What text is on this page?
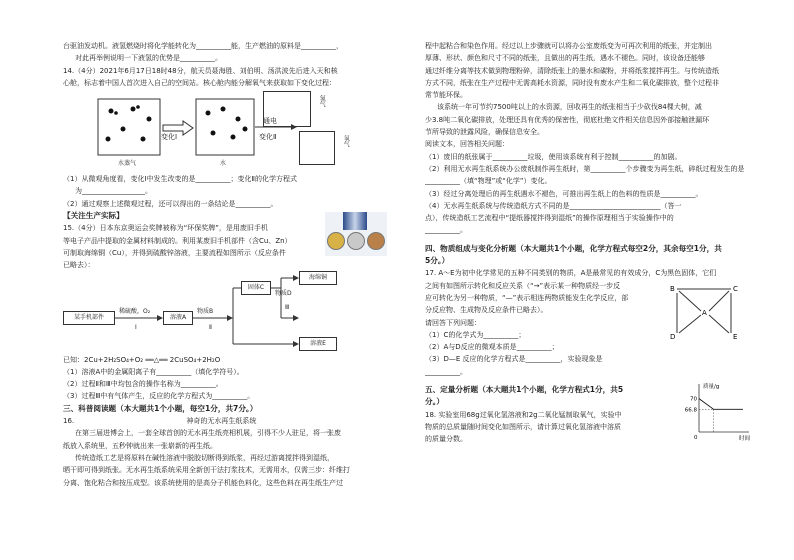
台驱油发动机。液氢燃烧时将化学能转化为__________能，生产燃油的原料是__________，
对此再举例说明一下液氢的优势是__________。
14.（4分）2021年6月17日18时48分，航天员聂海胜、刘伯明、汤洪波先后进入天和核
心舱，标志着中国人首次进入自己的空间站。核心舱内能分解氧气来获取如下变化过程：
水蒸气
变化Ⅰ
水
通电
变化Ⅱ
氢气
氧气
（1）从微观角度看，变化Ⅰ中发生改变的是__________；变化Ⅱ的化学方程式
为__________________。
（2）通过观察上述微观过程，还可以得出的一条结论是__________。
【关注生产实际】
15.（4分）日本东京奥运会奖牌被称为“环保奖牌”，是用废旧手机
等电子产品中提取的金属材料制成的。利用某废旧手机部件（含Cu、Zn）
可制取海绵铜（Cu），并得到硫酸锌溶液，主要流程如图所示（反应条件
已略去）：
某手机部件
稀硫酸，O₂
Ⅰ
溶液A
物质B
Ⅱ
固体C
物质D
Ⅲ
海绵铜
溶液E
已知：2Cu+2H₂SO₄+O₂ ══△══ 2CuSO₄+2H₂O
（1）溶液A中的金属阳离子有__________（填化学符号）。
（2）过程Ⅱ和Ⅲ中均包含的操作名称为__________。
（3）过程Ⅲ中有气体产生，反应的化学方程式为__________。
三、科普阅读题（本大题共1个小题，每空1分，共7分。）
16.	神奇的无水再生纸系统
在第三届进博会上，一套全球首创的无水再生纸亮相机展，引得不少人驻足，将一张废
纸放入系统里，五秒钟就出来一张崭新的再生纸。
传统造纸工艺是将原料在碱性溶液中脱胶切断得到纸浆，再经过游离搅拌得到湿纸，
晒干即可得到纸张。无水再生纸系统采用全新创干法打浆技术，无需用水，仅需三步：纤维打
分离、饱化粘合和按压成型。该系统使用的是高分子机能色料化，这些色料在再生纸生产过
程中起粘合和染色作用。经过以上步骤就可以将办公室废纸变为可再次利用的纸张，并定制出
厚薄、形状、颜色和尺寸不同的纸张，且做出的再生纸，遇水不褪色。同时，该设备还能够
通过纤维分离等技术做到物理粉碎，清除纸张上的墨水和碳粉，并将纸浆搅拌再生。与传统造纸
方式不同，纸张在生产过程中无需高耗水资源，同时没有废水产生和二氧化碳排放，整个过程非
常节能环保。
该系统一年可节约7500吨以上的水资源，回收再生的纸张相当于少砍伐84棵大树，减
少3.8吨二氧化碳排放，处理还具有优秀的保密性，彻底杜绝文件相关信息因外部接触泄漏环
节所导致的泄露风险，确保信息安全。
阅读文本，回答相关问题：
（1）废旧的纸张属于__________垃圾，使用该系统有利于控制__________的加剧。
（2）利用无水再生纸系统办公废纸制作再生纸时，第__________个步骤变为再生纸，碎纸过程发生的是
__________（填“物理”或“化学”）变化。
（3）经过分离处理后的再生纸遇水不褪色，可推出再生纸上的色料的性质是__________。
（4）无水再生纸系统与传统造纸方式不同的是__________________________（答一
点），传统造纸工艺流程中“提纸器搅拌得到湿纸”的操作原理相当于实验操作中的
__________。
四、物质组成与变化分析题（本大题共1个小题，化学方程式每空2分，其余每空1分，共
5分。）
17. A～E为初中化学常见的五种不同类别的物质，A是最常见的有效成分，C为黑色固体，它们
之间有如图所示转化和反应关系（“→”表示某一种物质经一步反
应可转化为另一种物质，“—”表示相连两物质能发生化学反应，部
分反应物、生成物及反应条件已略去）。
请回答下列问题：
（1）C的化学式为__________；
（2）A与D反应的微观本质是__________；
（3）D—E 反应的化学方程式是__________，实验现象是
__________。
B	C
A
D	E
五、定量分析题（本大题共1个小题，化学方程式1分，共5
分。）
18. 实验室用68g过氧化氢溶液和2g二氧化锰制取氧气，实验中
物质的总质量随时间变化如图所示，请计算过氧化氢溶液中溶质
的质量分数。
质量/g
时间
0
70
66.8
